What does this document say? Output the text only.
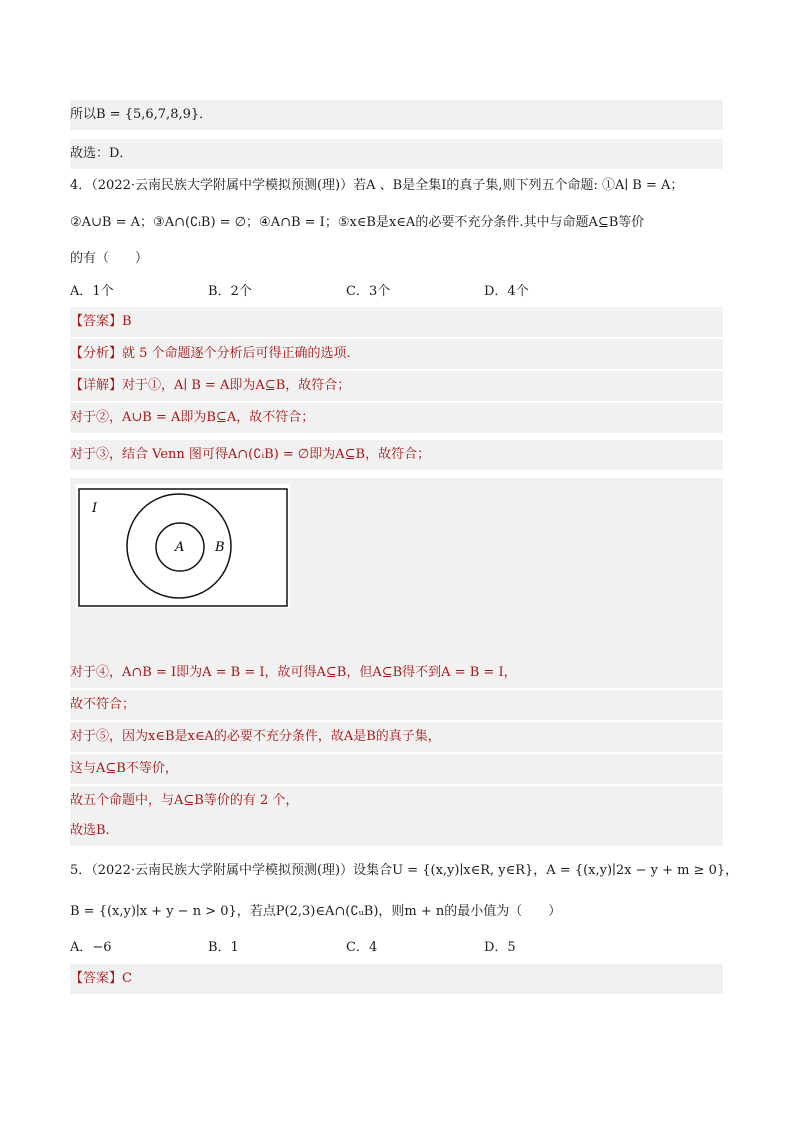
所以B = {5,6,7,8,9}．
故选：D．
4．（2022·云南民族大学附属中学模拟预测(理)）若A 、B是全集I的真子集,则下列五个命题: ①A∣ B = A；
②A∪B = A；③A∩(∁ᵢB) = ∅；④A∩B = I；⑤x∈B是x∈A的必要不充分条件.其中与命题A⊆B等价
的有（　　）
A．1个	B．2个	C．3个	D．4个
【答案】B
【分析】就 5 个命题逐个分析后可得正确的选项.
【详解】对于①，A∣ B = A即为A⊆B，故符合；
对于②，A∪B = A即为B⊆A，故不符合；
对于③，结合 Venn 图可得A∩(∁ᵢB) = ∅即为A⊆B，故符合；
I
B
A
对于④，A∩B = I即为A = B = I，故可得A⊆B，但A⊆B得不到A = B = I，
故不符合；
对于⑤，因为x∈B是x∈A的必要不充分条件，故A是B的真子集，
这与A⊆B不等价，
故五个命题中，与A⊆B等价的有 2 个，
故选B.
5．（2022·云南民族大学附属中学模拟预测(理)）设集合U = {(x,y)∣x∈R, y∈R}，A = {(x,y)∣2x − y + m ≥ 0}，
B = {(x,y)∣x + y − n > 0}，若点P(2,3)∈A∩(∁ᵤB)，则m + n的最小值为（　　）
A．−6	B．1	C．4	D．5
【答案】C
